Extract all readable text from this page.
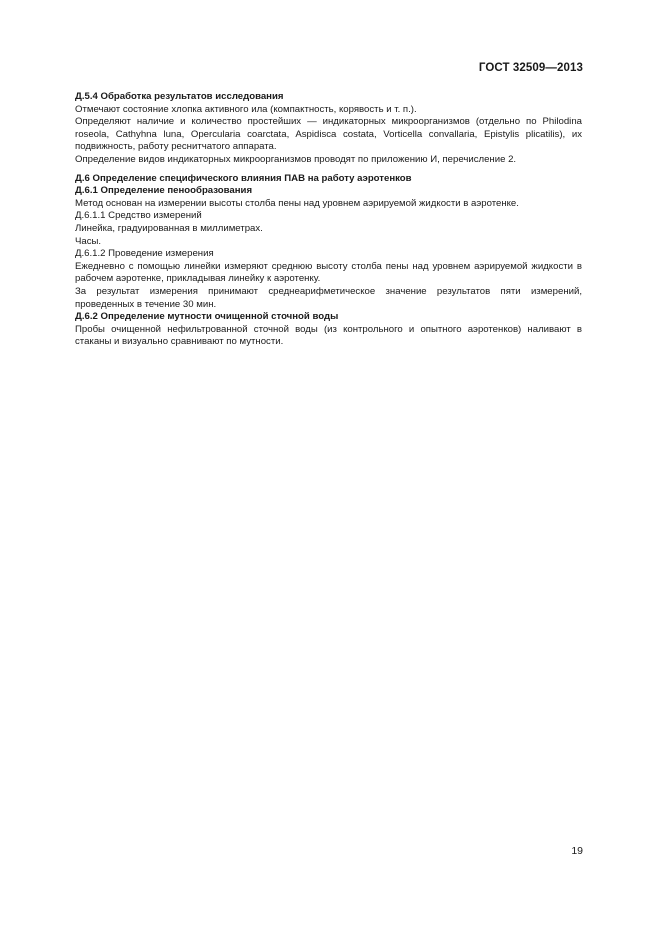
ГОСТ 32509—2013

Д.5.4 Обработка результатов исследования

Отмечают состояние хлопка активного ила (компактность, корявость и т. п.).

Определяют наличие и количество простейших — индикаторных микроорганизмов (отдельно по Philodina roseola, Cathyhna luna, Opercularia coarctata, Aspidisca costata, Vorticella convallaria, Epistylis plicatilis), их подвижность, работу реснитчатого аппарата.

Определение видов индикаторных микроорганизмов проводят по приложению И, перечисление 2.

Д.6 Определение специфического влияния ПАВ на работу аэротенков

Д.6.1 Определение пенообразования

Метод основан на измерении высоты столба пены над уровнем аэрируемой жидкости в аэротенке.

Д.6.1.1 Средство измерений

Линейка, градуированная в миллиметрах.

Часы.

Д.6.1.2 Проведение измерения

Ежедневно с помощью линейки измеряют среднюю высоту столба пены над уровнем аэрируемой жидкости в рабочем аэротенке, прикладывая линейку к аэротенку.

За результат измерения принимают среднеарифметическое значение результатов пяти измерений, проведенных в течение 30 мин.

Д.6.2 Определение мутности очищенной сточной воды

Пробы очищенной нефильтрованной сточной воды (из контрольного и опытного аэротенков) наливают в стаканы и визуально сравнивают по мутности.

19
